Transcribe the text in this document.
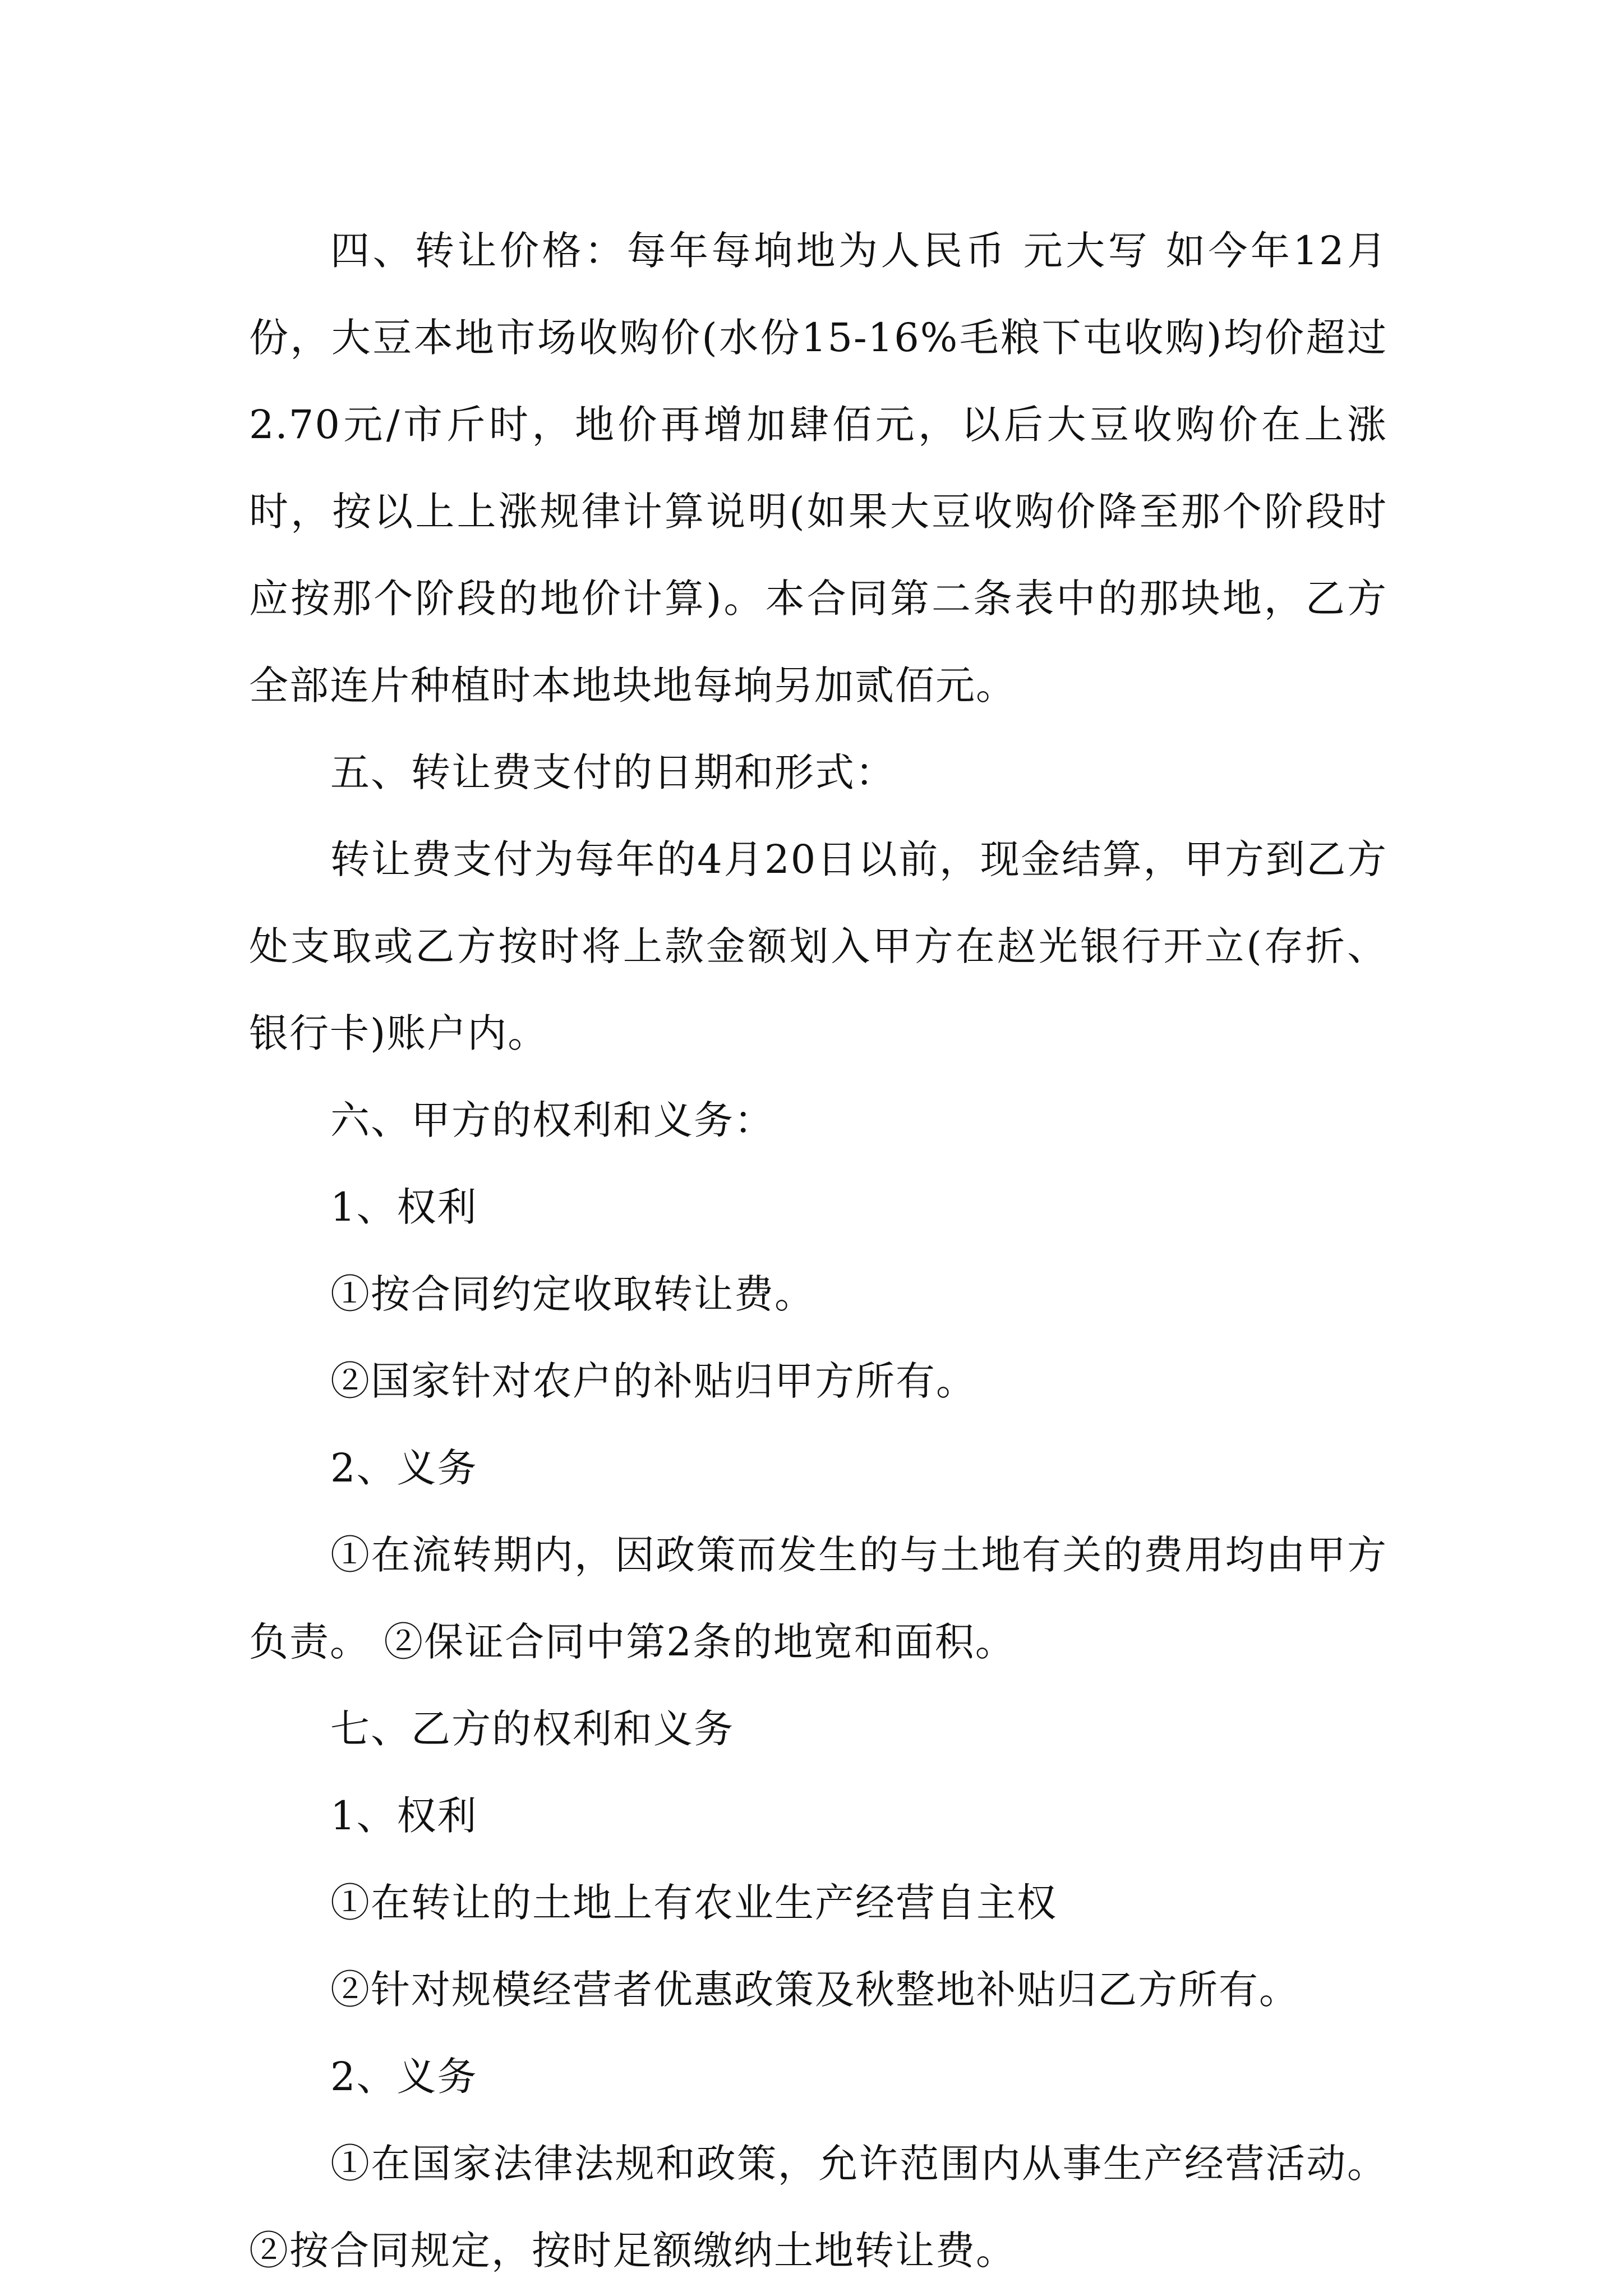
四、转让价格：每年每垧地为人民币 元大写 如今年12月份，大豆本地市场收购价(水份15-16%毛粮下屯收购)均价超过2.70元/市斤时，地价再增加肆佰元，以后大豆收购价在上涨时，按以上上涨规律计算说明(如果大豆收购价降至那个阶段时应按那个阶段的地价计算)。本合同第二条表中的那块地，乙方全部连片种植时本地块地每垧另加贰佰元。

五、转让费支付的日期和形式：

转让费支付为每年的4月20日以前，现金结算，甲方到乙方处支取或乙方按时将上款金额划入甲方在赵光银行开立(存折、银行卡)账户内。

六、甲方的权利和义务：

1、权利

①按合同约定收取转让费。

②国家针对农户的补贴归甲方所有。

2、义务

①在流转期内，因政策而发生的与土地有关的费用均由甲方负责。 ②保证合同中第2条的地宽和面积。

七、乙方的权利和义务

1、权利

①在转让的土地上有农业生产经营自主权

②针对规模经营者优惠政策及秋整地补贴归乙方所有。

2、义务

①在国家法律法规和政策，允许范围内从事生产经营活动。 ②按合同规定，按时足额缴纳土地转让费。
